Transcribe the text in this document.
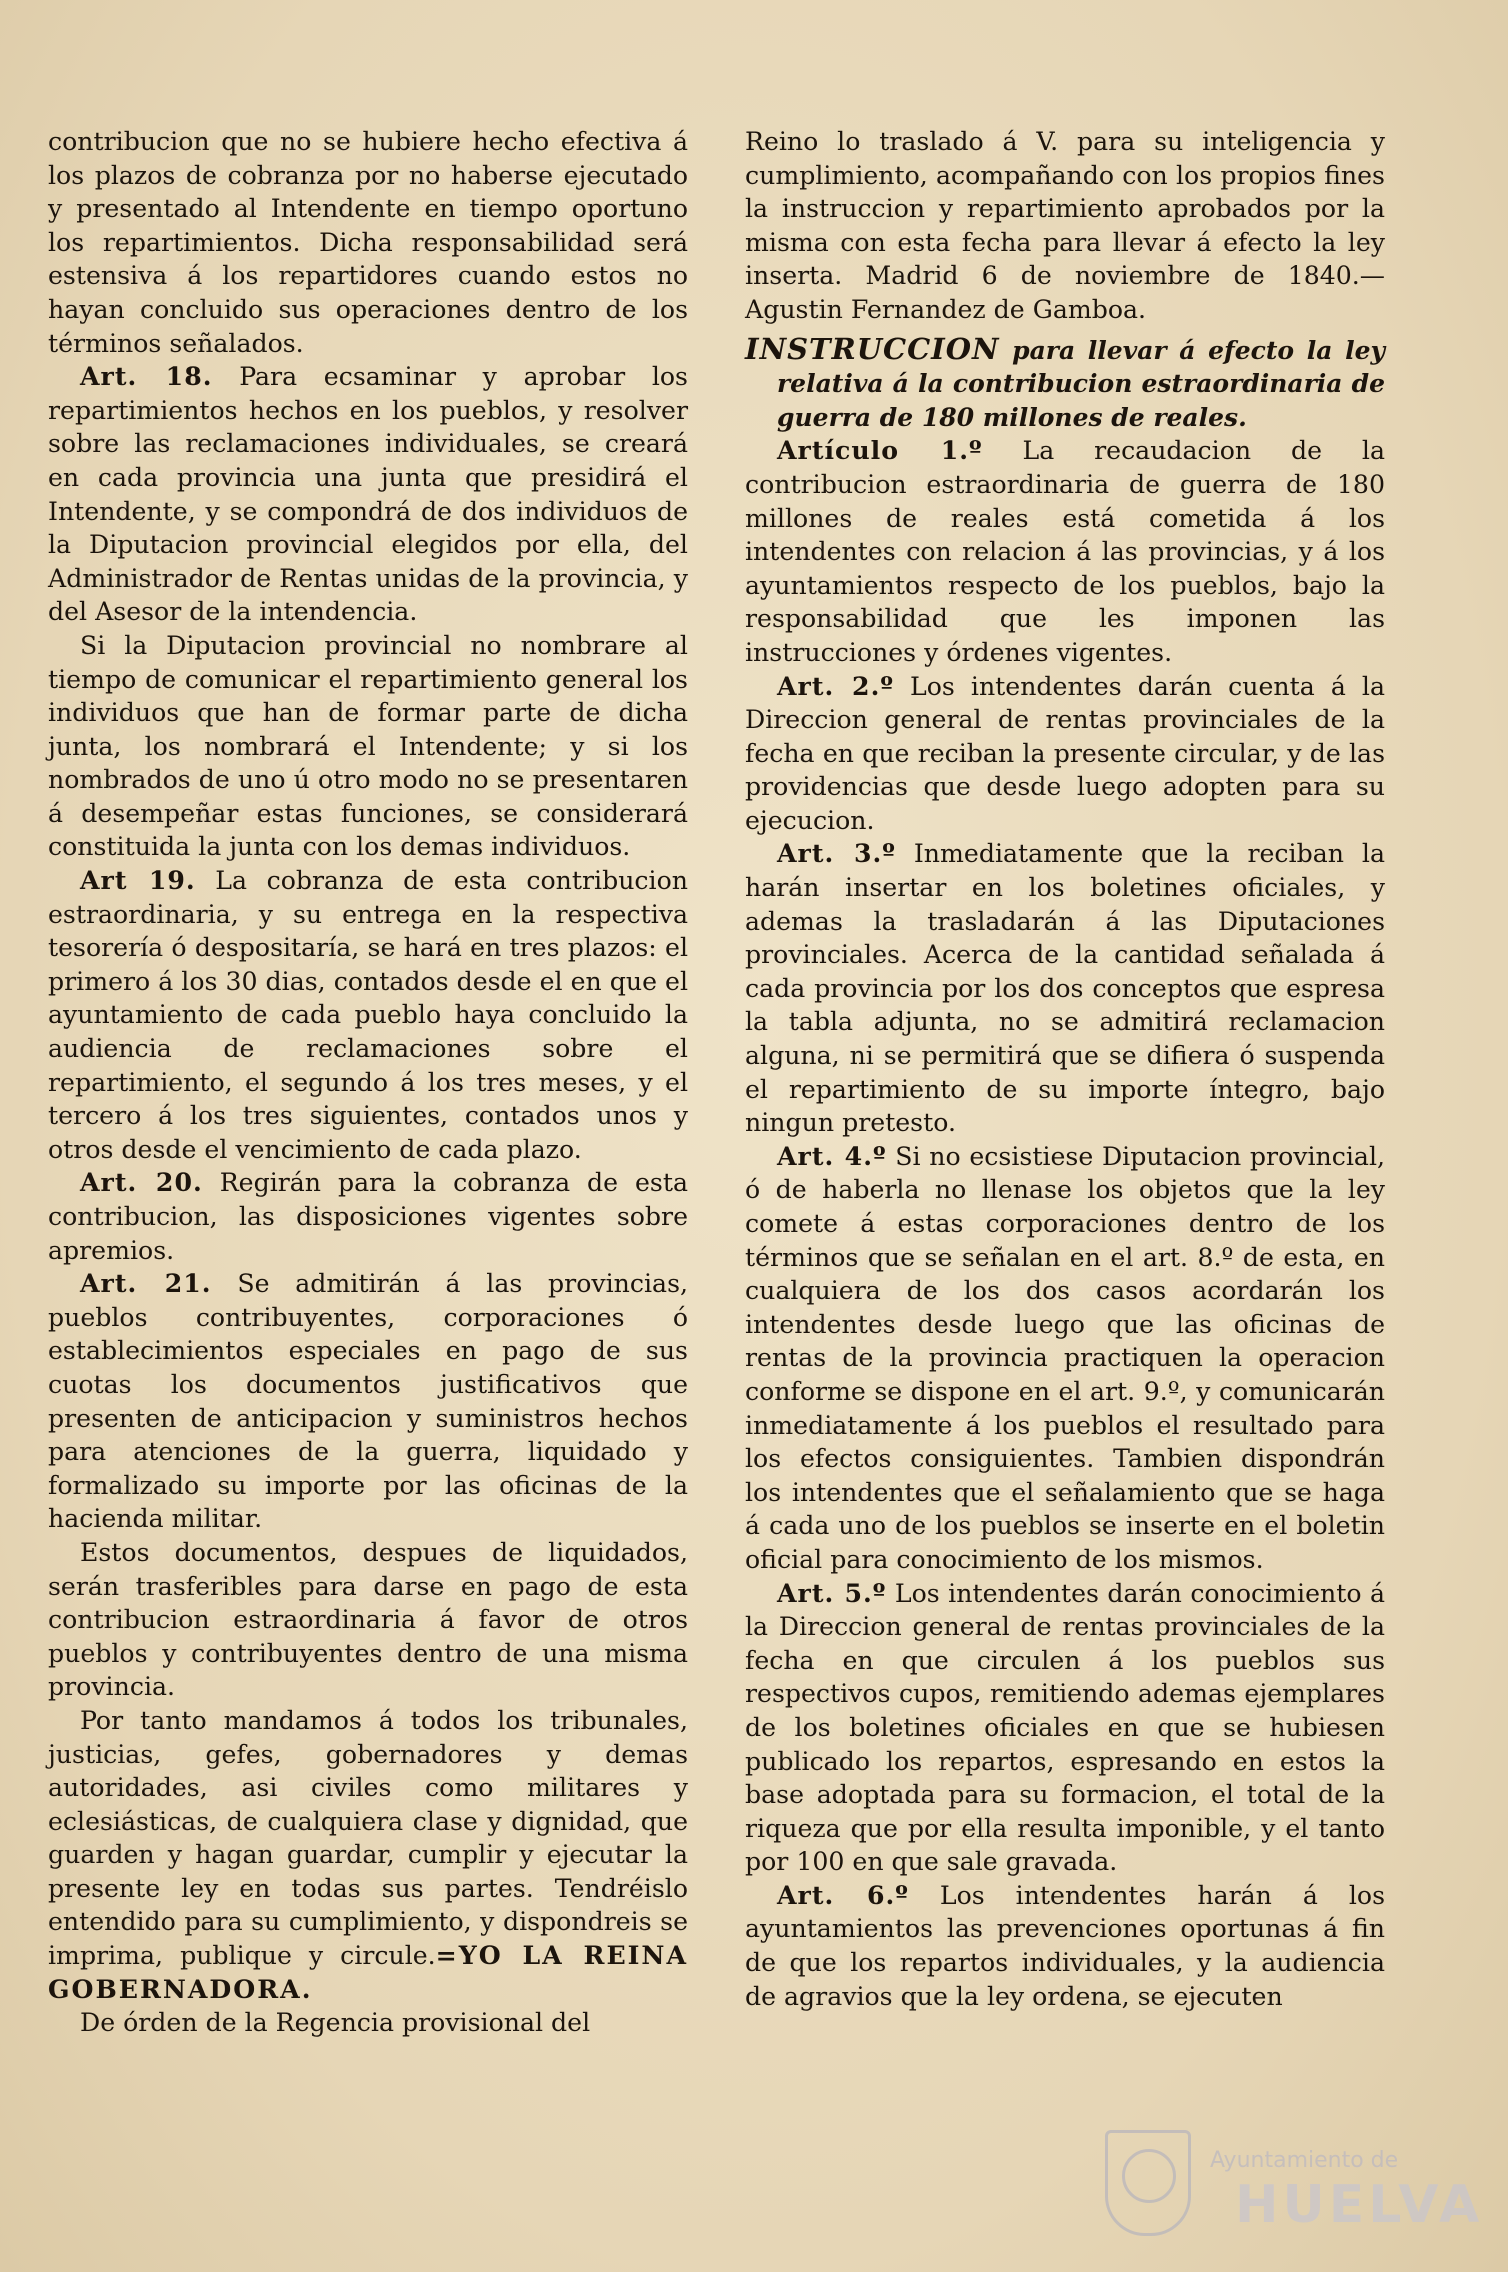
contribucion que no se hubiere hecho efectiva á los plazos de cobranza por no haberse ejecutado y presentado al Intendente en tiempo oportuno los repartimientos. Dicha responsabilidad será estensiva á los repartidores cuando estos no hayan concluido sus operaciones dentro de los términos señalados.

Art. 18. Para ecsaminar y aprobar los repartimientos hechos en los pueblos, y resolver sobre las reclamaciones individuales, se creará en cada provincia una junta que presidirá el Intendente, y se compondrá de dos individuos de la Diputacion provincial elegidos por ella, del Administrador de Rentas unidas de la provincia, y del Asesor de la intendencia.

Si la Diputacion provincial no nombrare al tiempo de comunicar el repartimiento general los individuos que han de formar parte de dicha junta, los nombrará el Intendente; y si los nombrados de uno ú otro modo no se presentaren á desempeñar estas funciones, se considerará constituida la junta con los demas individuos.

Art 19. La cobranza de esta contribucion estraordinaria, y su entrega en la respectiva tesorería ó despositaría, se hará en tres plazos: el primero á los 30 dias, contados desde el en que el ayuntamiento de cada pueblo haya concluido la audiencia de reclamaciones sobre el repartimiento, el segundo á los tres meses, y el tercero á los tres siguientes, contados unos y otros desde el vencimiento de cada plazo.

Art. 20. Regirán para la cobranza de esta contribucion, las disposiciones vigentes sobre apremios.

Art. 21. Se admitirán á las provincias, pueblos contribuyentes, corporaciones ó establecimientos especiales en pago de sus cuotas los documentos justificativos que presenten de anticipacion y suministros hechos para atenciones de la guerra, liquidado y formalizado su importe por las oficinas de la hacienda militar.

Estos documentos, despues de liquidados, serán trasferibles para darse en pago de esta contribucion estraordinaria á favor de otros pueblos y contribuyentes dentro de una misma provincia.

Por tanto mandamos á todos los tribunales, justicias, gefes, gobernadores y demas autoridades, asi civiles como militares y eclesiásticas, de cualquiera clase y dignidad, que guarden y hagan guardar, cumplir y ejecutar la presente ley en todas sus partes. Tendréislo entendido para su cumplimiento, y dispondreis se imprima, publique y circule.=YO LA REINA GOBERNADORA.

De órden de la Regencia provisional del

Reino lo traslado á V. para su inteligencia y cumplimiento, acompañando con los propios fines la instruccion y repartimiento aprobados por la misma con esta fecha para llevar á efecto la ley inserta. Madrid 6 de noviembre de 1840.—Agustin Fernandez de Gamboa.

INSTRUCCION para llevar á efecto la ley relativa á la contribucion estraordinaria de guerra de 180 millones de reales.

Artículo 1.º La recaudacion de la contribucion estraordinaria de guerra de 180 millones de reales está cometida á los intendentes con relacion á las provincias, y á los ayuntamientos respecto de los pueblos, bajo la responsabilidad que les imponen las instrucciones y órdenes vigentes.

Art. 2.º Los intendentes darán cuenta á la Direccion general de rentas provinciales de la fecha en que reciban la presente circular, y de las providencias que desde luego adopten para su ejecucion.

Art. 3.º Inmediatamente que la reciban la harán insertar en los boletines oficiales, y ademas la trasladarán á las Diputaciones provinciales. Acerca de la cantidad señalada á cada provincia por los dos conceptos que espresa la tabla adjunta, no se admitirá reclamacion alguna, ni se permitirá que se difiera ó suspenda el repartimiento de su importe íntegro, bajo ningun pretesto.

Art. 4.º Si no ecsistiese Diputacion provincial, ó de haberla no llenase los objetos que la ley comete á estas corporaciones dentro de los términos que se señalan en el art. 8.º de esta, en cualquiera de los dos casos acordarán los intendentes desde luego que las oficinas de rentas de la provincia practiquen la operacion conforme se dispone en el art. 9.º, y comunicarán inmediatamente á los pueblos el resultado para los efectos consiguientes. Tambien dispondrán los intendentes que el señalamiento que se haga á cada uno de los pueblos se inserte en el boletin oficial para conocimiento de los mismos.

Art. 5.º Los intendentes darán conocimiento á la Direccion general de rentas provinciales de la fecha en que circulen á los pueblos sus respectivos cupos, remitiendo ademas ejemplares de los boletines oficiales en que se hubiesen publicado los repartos, espresando en estos la base adoptada para su formacion, el total de la riqueza que por ella resulta imponible, y el tanto por 100 en que sale gravada.

Art. 6.º Los intendentes harán á los ayuntamientos las prevenciones oportunas á fin de que los repartos individuales, y la audiencia de agravios que la ley ordena, se ejecuten

Ayuntamiento de
HUELVA
